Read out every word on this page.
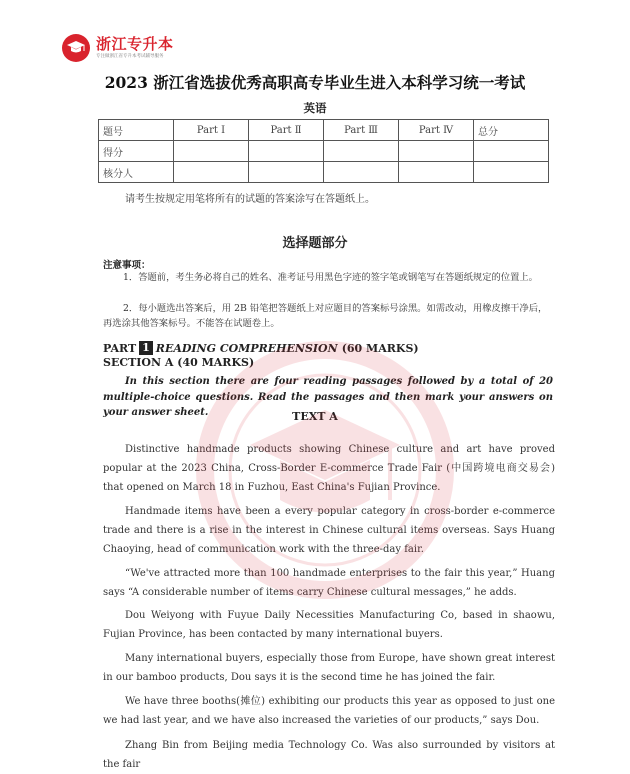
浙江专升本
专注做浙江省专升本考试辅导服务
2023 浙江省选拔优秀高职高专毕业生进入本科学习统一考试
英语
题号	Part Ⅰ	Part Ⅱ	Part Ⅲ	Part Ⅳ	总分
得分					
核分人					
请考生按规定用笔将所有的试题的答案涂写在答题纸上。
选择题部分
注意事项：
1．答题前，考生务必将自己的姓名、准考证号用黑色字迹的签字笔或钢笔写在答题纸规定的位置上。
2．每小题选出答案后，用 2B 铅笔把答题纸上对应题目的答案标号涂黑。如需改动，用橡皮擦干净后，再选涂其他答案标号。不能答在试题卷上。
PART 1 READING COMPREHENSION (60 MARKS)
SECTION A (40 MARKS)
In this section there are four reading passages followed by a total of 20 multiple-choice questions. Read the passages and then mark your answers on your answer sheet.	TEXT A
Distinctive handmade products showing Chinese culture and art have proved popular at the 2023 China, Cross-Border E-commerce Trade Fair (中国跨境电商交易会) that opened on March 18 in Fuzhou, East China's Fujian Province.
Handmade items have been a every popular category in cross-border e-commerce trade and there is a rise in the interest in Chinese cultural items overseas. Says Huang Chaoying, head of communication work with the three-day fair.
“We've attracted more than 100 handmade enterprises to the fair this year,” Huang says “A considerable number of items carry Chinese cultural messages,” he adds.
Dou Weiyong with Fuyue Daily Necessities Manufacturing Co, based in shaowu, Fujian Province, has been contacted by many international buyers.
Many international buyers, especially those from Europe, have shown great interest in our bamboo products, Dou says it is the second time he has joined the fair.
We have three booths(摊位) exhibiting our products this year as opposed to just one we had last year, and we have also increased the varieties of our products,” says Dou.
Zhang Bin from Beijing media Technology Co. Was also surrounded by visitors at the fair
